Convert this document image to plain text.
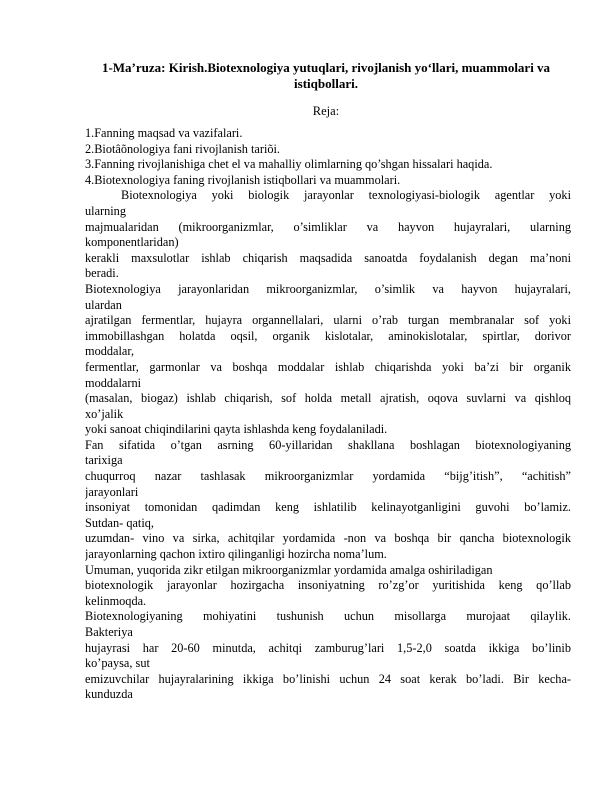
1-Ma’ruza: Kirish.Biotexnologiya yutuqlari, rivojlanish yo‘llari, muammolari va istiqbollari.
Reja:
1.Fanning maqsad va vazifalari.
2.Biotâõnologiya fani rivojlanish tariõi.
3.Fanning rivojlanishiga chet el va mahalliy olimlarning qo’shgan hissalari haqida.
4.Biotexnologiya faning rivojlanish istiqbollari va muammolari.
Biotexnologiya yoki biologik jarayonlar texnologiyasi-biologik agentlar yoki
ularning
majmualaridan (mikroorganizmlar, o’simliklar va hayvon hujayralari, ularning
komponentlaridan)
kerakli maxsulotlar ishlab chiqarish maqsadida sanoatda foydalanish degan ma’noni
beradi.
Biotexnologiya jarayonlaridan mikroorganizmlar, o’simlik va hayvon hujayralari,
ulardan
ajratilgan fermentlar, hujayra organnellalari, ularni o’rab turgan membranalar sof yoki
immobillashgan holatda oqsil, organik kislotalar, aminokislotalar, spirtlar, dorivor
moddalar,
fermentlar, garmonlar va boshqa moddalar ishlab chiqarishda yoki ba’zi bir organik
moddalarni
(masalan, biogaz) ishlab chiqarish, sof holda metall ajratish, oqova suvlarni va qishloq
xo’jalik
yoki sanoat chiqindilarini qayta ishlashda keng foydalaniladi.
Fan sifatida o’tgan asrning 60-yillaridan shakllana boshlagan biotexnologiyaning
tarixiga
chuqurroq nazar tashlasak mikroorganizmlar yordamida “bijg’itish”, “achitish”
jarayonlari
insoniyat tomonidan qadimdan keng ishlatilib kelinayotganligini guvohi bo’lamiz.
Sutdan- qatiq,
uzumdan- vino va sirka, achitqilar yordamida -non va boshqa bir qancha biotexnologik
jarayonlarning qachon ixtiro qilinganligi hozircha noma’lum.
Umuman, yuqorida zikr etilgan mikroorganizmlar yordamida amalga oshiriladigan
biotexnologik jarayonlar hozirgacha insoniyatning ro’zg’or yuritishida keng qo’llab
kelinmoqda.
Biotexnologiyaning mohiyatini tushunish uchun misollarga murojaat qilaylik.
Bakteriya
hujayrasi har 20-60 minutda, achitqi zamburug’lari 1,5-2,0 soatda ikkiga bo’linib
ko’paysa, sut
emizuvchilar hujayralarining ikkiga bo’linishi uchun 24 soat kerak bo’ladi. Bir kecha-
kunduzda
